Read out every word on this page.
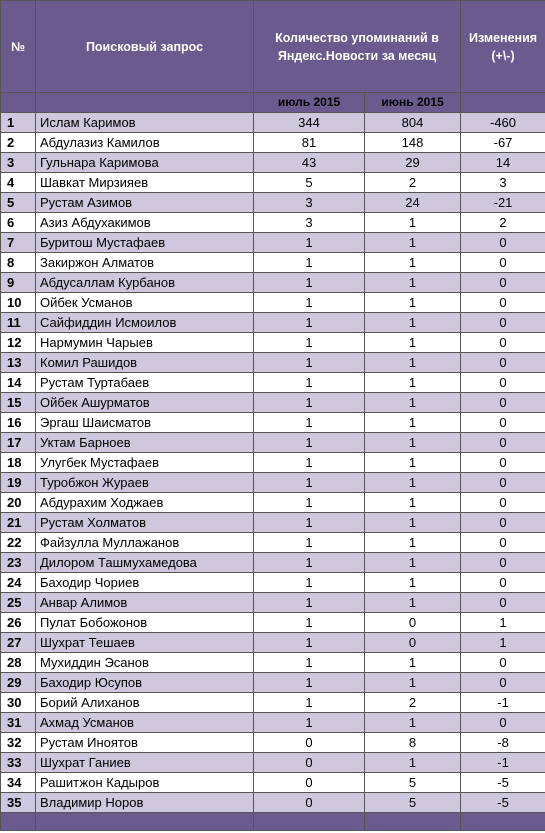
№	Поисковый запрос	Количество упоминаний в Яндекс.Новости за месяц		Изменения (+\-)
		июль 2015	июнь 2015	
1	Ислам Каримов	344	804	-460
2	Абдулазиз Камилов	81	148	-67
3	Гульнара Каримова	43	29	14
4	Шавкат Мирзияев	5	2	3
5	Рустам Азимов	3	24	-21
6	Азиз Абдухакимов	3	1	2
7	Буритош Мустафаев	1	1	0
8	Закиржон Алматов	1	1	0
9	Абдусаллам Курбанов	1	1	0
10	Ойбек Усманов	1	1	0
11	Сайфиддин Исмоилов	1	1	0
12	Нармумин Чарыев	1	1	0
13	Комил Рашидов	1	1	0
14	Рустам Туртабаев	1	1	0
15	Ойбек Ашурматов	1	1	0
16	Эргаш Шаисматов	1	1	0
17	Уктам Барноев	1	1	0
18	Улугбек Мустафаев	1	1	0
19	Туробжон Жураев	1	1	0
20	Абдурахим Ходжаев	1	1	0
21	Рустам Холматов	1	1	0
22	Файзулла Муллажанов	1	1	0
23	Дилором Ташмухамедова	1	1	0
24	Баходир Чориев	1	1	0
25	Анвар Алимов	1	1	0
26	Пулат Бобожонов	1	0	1
27	Шухрат Тешаев	1	0	1
28	Мухиддин Эсанов	1	1	0
29	Баходир Юсупов	1	1	0
30	Борий Алиханов	1	2	-1
31	Ахмад Усманов	1	1	0
32	Рустам Иноятов	0	8	-8
33	Шухрат Ганиев	0	1	-1
34	Рашитжон Кадыров	0	5	-5
35	Владимир Норов	0	5	-5
